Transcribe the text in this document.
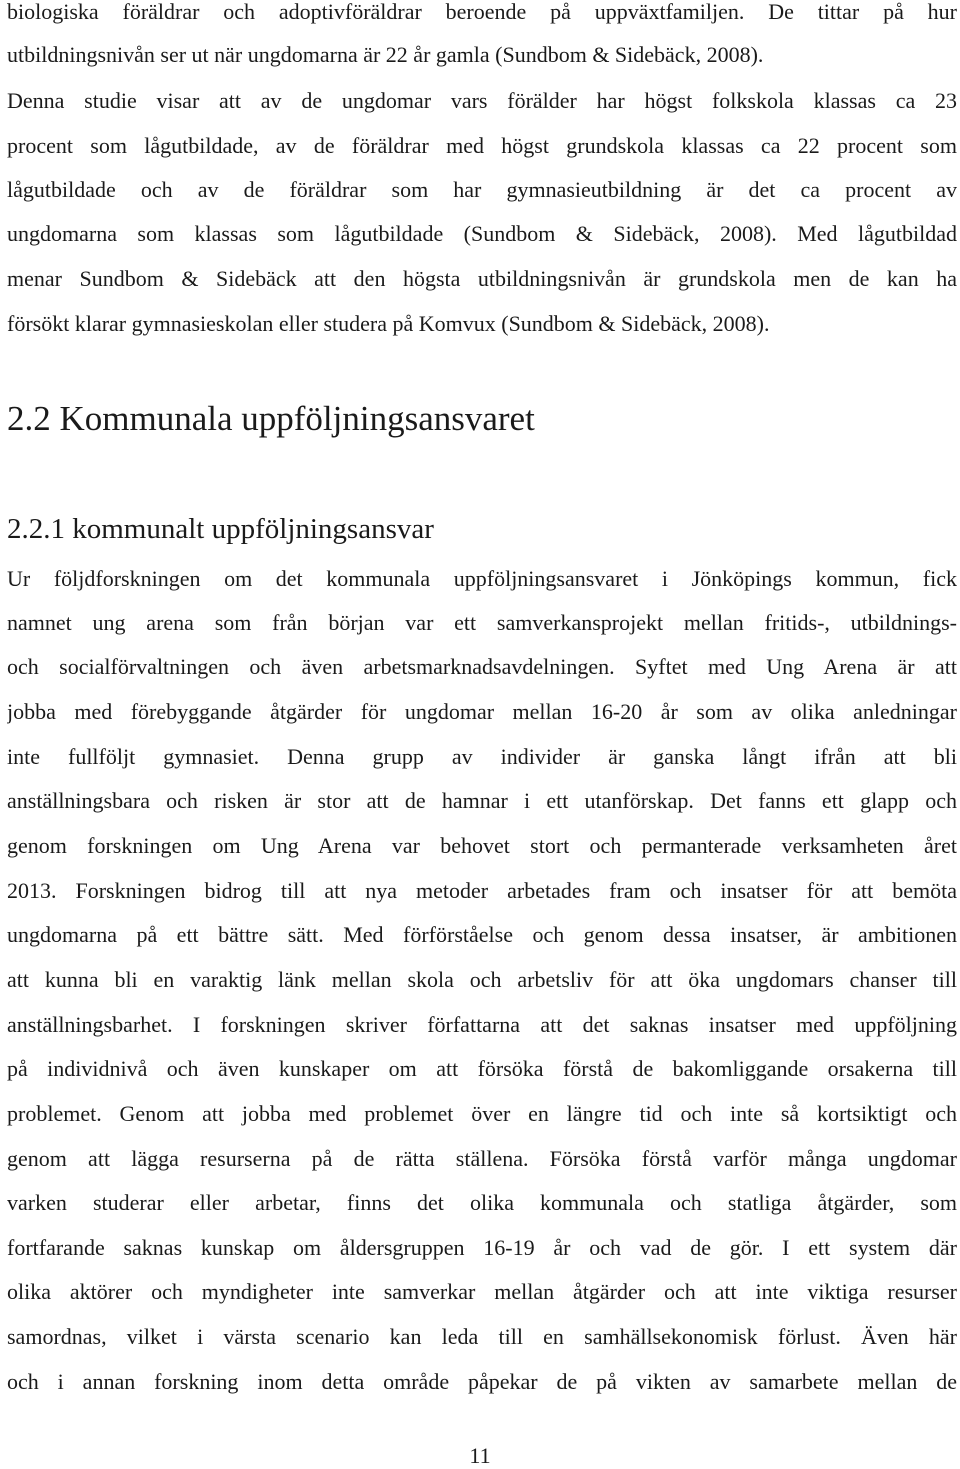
biologiska föräldrar och adoptivföräldrar beroende på uppväxtfamiljen. De tittar på hur
utbildningsnivån ser ut när ungdomarna är 22 år gamla (Sundbom & Sidebäck, 2008).
Denna studie visar att av de ungdomar vars förälder har högst folkskola klassas ca 23
procent som lågutbildade, av de föräldrar med högst grundskola klassas ca 22 procent som
lågutbildade och av de föräldrar som har gymnasieutbildning är det ca procent av
ungdomarna som klassas som lågutbildade (Sundbom & Sidebäck, 2008). Med lågutbildad
menar Sundbom & Sidebäck att den högsta utbildningsnivån är grundskola men de kan ha
försökt klarar gymnasieskolan eller studera på Komvux (Sundbom & Sidebäck, 2008).
2.2 Kommunala uppföljningsansvaret
2.2.1 kommunalt uppföljningsansvar
Ur följdforskningen om det kommunala uppföljningsansvaret i Jönköpings kommun, fick
namnet ung arena som från början var ett samverkansprojekt mellan fritids-, utbildnings-
och socialförvaltningen och även arbetsmarknadsavdelningen. Syftet med Ung Arena är att
jobba med förebyggande åtgärder för ungdomar mellan 16-20 år som av olika anledningar
inte fullföljt gymnasiet. Denna grupp av individer är ganska långt ifrån att bli
anställningsbara och risken är stor att de hamnar i ett utanförskap. Det fanns ett glapp och
genom forskningen om Ung Arena var behovet stort och permanterade verksamheten året
2013. Forskningen bidrog till att nya metoder arbetades fram och insatser för att bemöta
ungdomarna på ett bättre sätt. Med förförståelse och genom dessa insatser, är ambitionen
att kunna bli en varaktig länk mellan skola och arbetsliv för att öka ungdomars chanser till
anställningsbarhet. I forskningen skriver författarna att det saknas insatser med uppföljning
på individnivå och även kunskaper om att försöka förstå de bakomliggande orsakerna till
problemet. Genom att jobba med problemet över en längre tid och inte så kortsiktigt och
genom att lägga resurserna på de rätta ställena. Försöka förstå varför många ungdomar
varken studerar eller arbetar, finns det olika kommunala och statliga åtgärder, som
fortfarande saknas kunskap om åldersgruppen 16-19 år och vad de gör. I ett system där
olika aktörer och myndigheter inte samverkar mellan åtgärder och att inte viktiga resurser
samordnas, vilket i värsta scenario kan leda till en samhällsekonomisk förlust. Även här
och i annan forskning inom detta område påpekar de på vikten av samarbete mellan de
11
